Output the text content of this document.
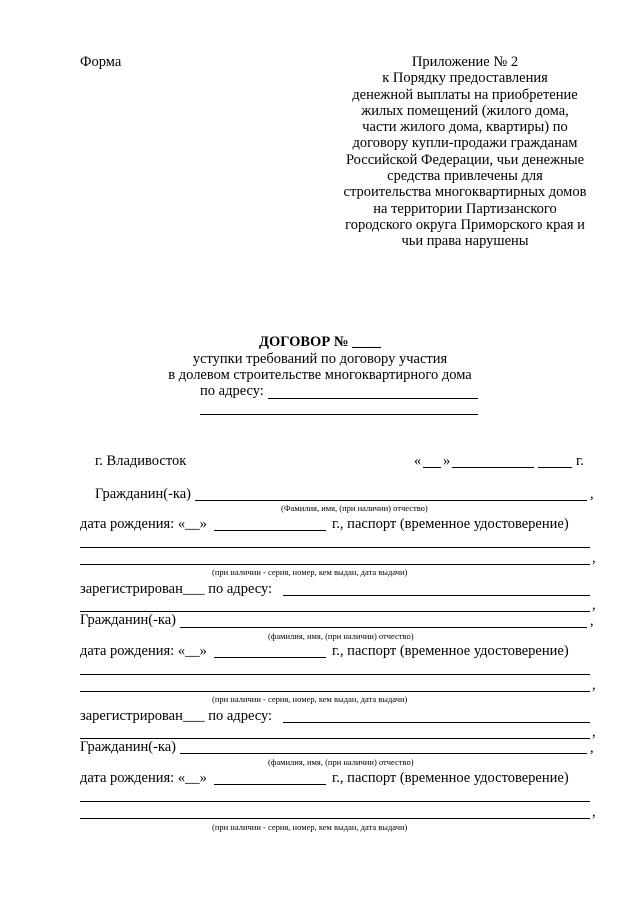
Форма	Приложение № 2
к Порядку предоставления
денежной выплаты на приобретение
жилых помещений (жилого дома,
части жилого дома, квартиры) по
договору купли-продажи гражданам
Российской Федерации, чьи денежные
средства привлечены для
строительства многоквартирных домов
на территории Партизанского
городского округа Приморского края и
чьи права нарушены
ДОГОВОР № ____
уступки требований по договору участия
в долевом строительстве многоквартирного дома
по адресу:
г. Владивосток	« »	г.
Гражданин(-ка)	,
(Фамилия, имя, (при наличии) отчество)
дата рождения: «__»	г., паспорт (временное удостоверение)
,
(при наличии - серия, номер, кем выдан, дата выдачи)
зарегистрирован___ по адресу:
,
Гражданин(-ка)	,
(фамилия, имя, (при наличии) отчество)
дата рождения: «__»	г., паспорт (временное удостоверение)
,
(при наличии - серия, номер, кем выдан, дата выдачи)
зарегистрирован___ по адресу:
,
Гражданин(-ка)	,
(фамилия, имя, (при наличии) отчество)
дата рождения: «__»	г., паспорт (временное удостоверение)
,
(при наличии - серия, номер, кем выдан, дата выдачи)
